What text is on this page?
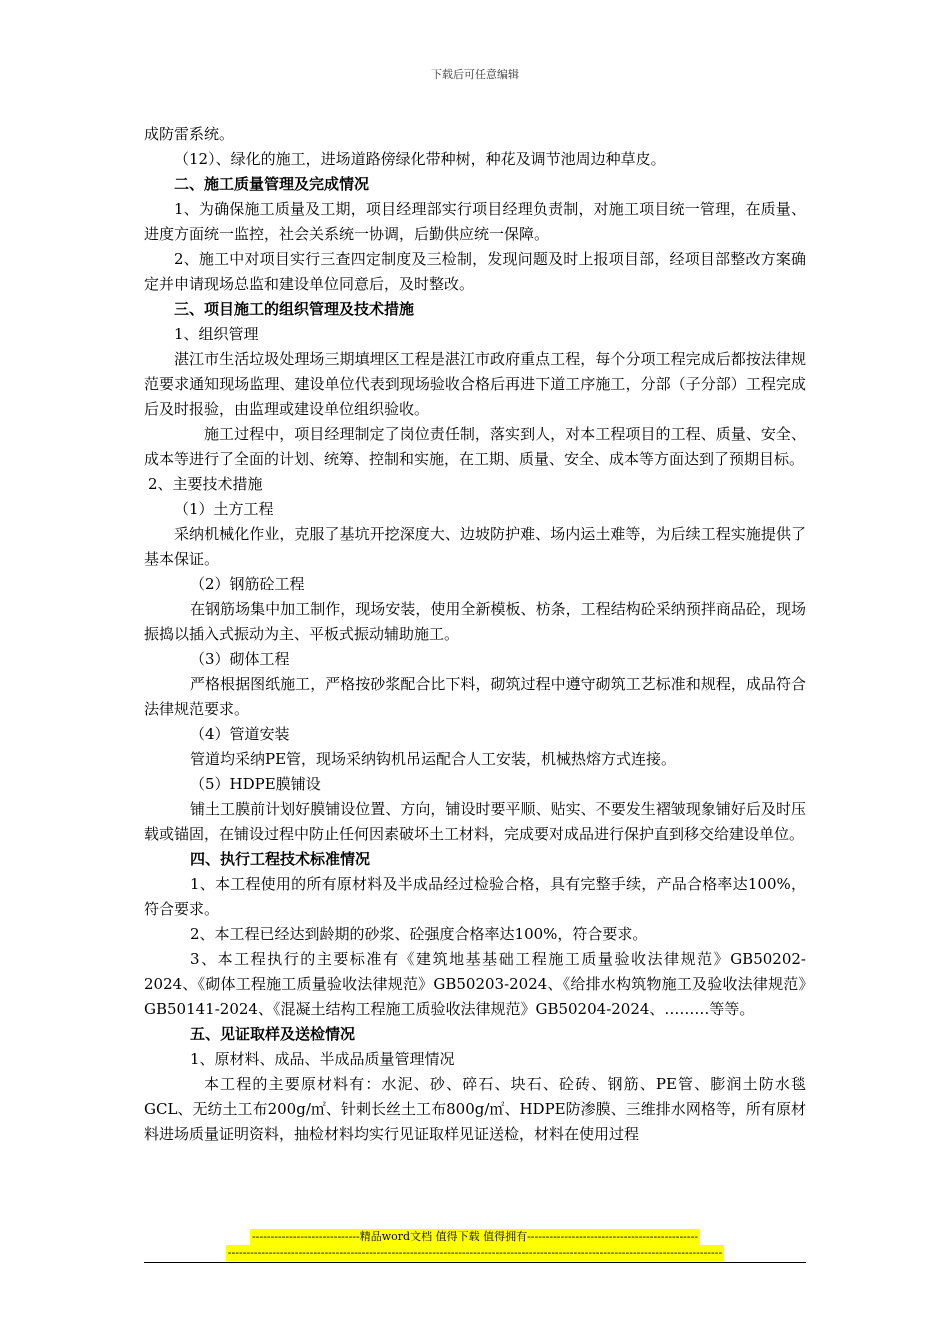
下载后可任意编辑

成防雷系统。

（12）、绿化的施工，进场道路傍绿化带种树，种花及调节池周边种草皮。

二、施工质量管理及完成情况

1、为确保施工质量及工期，项目经理部实行项目经理负责制，对施工项目统一管理，在质量、进度方面统一监控，社会关系统一协调，后勤供应统一保障。

2、施工中对项目实行三查四定制度及三检制，发现问题及时上报项目部，经项目部整改方案确定并申请现场总监和建设单位同意后，及时整改。

三、项目施工的组织管理及技术措施

1、组织管理

湛江市生活垃圾处理场三期填埋区工程是湛江市政府重点工程，每个分项工程完成后都按法律规范要求通知现场监理、建设单位代表到现场验收合格后再进下道工序施工，分部（子分部）工程完成后及时报验，由监理或建设单位组织验收。

施工过程中，项目经理制定了岗位责任制，落实到人，对本工程项目的工程、质量、安全、成本等进行了全面的计划、统筹、控制和实施，在工期、质量、安全、成本等方面达到了预期目标。

2、主要技术措施

（1）土方工程

采纳机械化作业，克服了基坑开挖深度大、边坡防护难、场内运土难等，为后续工程实施提供了基本保证。

（2）钢筋砼工程

在钢筋场集中加工制作，现场安装，使用全新模板、枋条，工程结构砼采纳预拌商品砼，现场振捣以插入式振动为主、平板式振动辅助施工。

（3）砌体工程

严格根据图纸施工，严格按砂浆配合比下料，砌筑过程中遵守砌筑工艺标准和规程，成品符合法律规范要求。

（4）管道安装

管道均采纳PE管，现场采纳钩机吊运配合人工安装，机械热熔方式连接。

（5）HDPE膜铺设

铺土工膜前计划好膜铺设位置、方向，铺设时要平顺、贴实、不要发生褶皱现象铺好后及时压载或锚固，在铺设过程中防止任何因素破坏土工材料，完成要对成品进行保护直到移交给建设单位。

四、执行工程技术标准情况

1、本工程使用的所有原材料及半成品经过检验合格，具有完整手续，产品合格率达100%，符合要求。

2、本工程已经达到龄期的砂浆、砼强度合格率达100%，符合要求。

3、本工程执行的主要标准有《建筑地基基础工程施工质量验收法律规范》GB50202-2024、《砌体工程施工质量验收法律规范》GB50203-2024、《给排水构筑物施工及验收法律规范》GB50141-2024、《混凝土结构工程施工质验收法律规范》GB50204-2024、………等等。

五、见证取样及送检情况

1、原材料、成品、半成品质量管理情况

本工程的主要原材料有：水泥、砂、碎石、块石、砼砖、钢筋、PE管、膨润土防水毯GCL、无纺土工布200g/㎡、针刺长丝土工布800g/㎡、HDPE防渗膜、三维排水网格等，所有原材料进场质量证明资料，抽检材料均实行见证取样见证送检，材料在使用过程

-----------------------------精品word文档 值得下载 值得拥有----------------------------------------------
-------------------------------------------------------------------------------------------------------------------------------------
